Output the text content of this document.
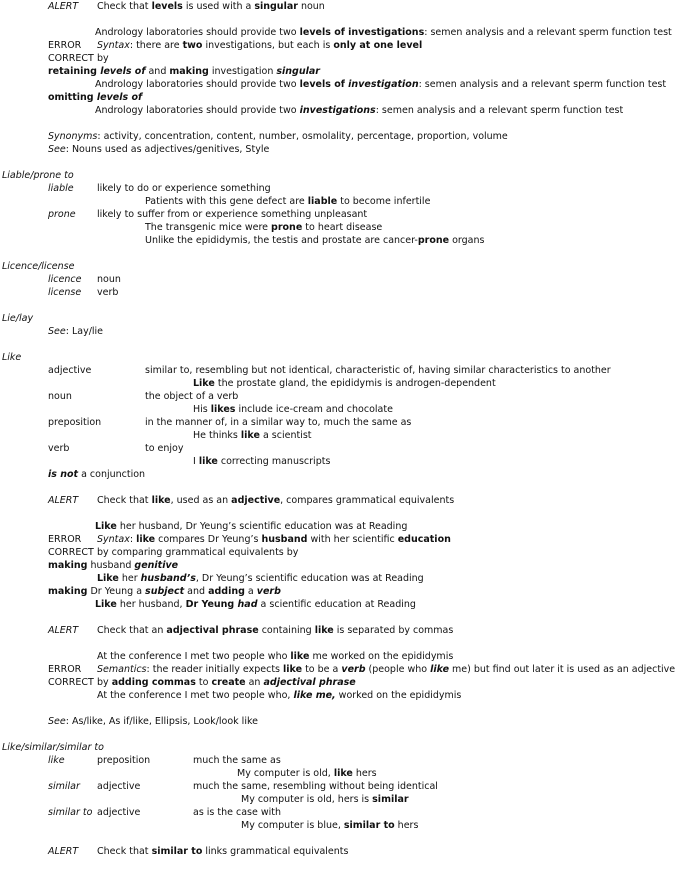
ALERT Check that levels is used with a singular noun
Andrology laboratories should provide two levels of investigations: semen analysis and a relevant sperm function test
ERROR Syntax: there are two investigations, but each is only at one level
CORRECT by
retaining levels of and making investigation singular
Andrology laboratories should provide two levels of investigation: semen analysis and a relevant sperm function test
omitting levels of
Andrology laboratories should provide two investigations: semen analysis and a relevant sperm function test
Synonyms: activity, concentration, content, number, osmolality, percentage, proportion, volume
See: Nouns used as adjectives/genitives, Style
Liable/prone to
liable likely to do or experience something
Patients with this gene defect are liable to become infertile
prone likely to suffer from or experience something unpleasant
The transgenic mice were prone to heart disease
Unlike the epididymis, the testis and prostate are cancer-prone organs
Licence/license
licence noun
license verb
Lie/lay
See: Lay/lie
Like
adjective	similar to, resembling but not identical, characteristic of, having similar characteristics to another
Like the prostate gland, the epididymis is androgen-dependent
noun	the object of a verb
His likes include ice-cream and chocolate
preposition	in the manner of, in a similar way to, much the same as
He thinks like a scientist
verb	to enjoy
I like correcting manuscripts
is not a conjunction
ALERT Check that like, used as an adjective, compares grammatical equivalents
Like her husband, Dr Yeung’s scientific education was at Reading
ERROR Syntax: like compares Dr Yeung’s husband with her scientific education
CORRECT by comparing grammatical equivalents by
making husband genitive
Like her husband’s, Dr Yeung’s scientific education was at Reading
making Dr Yeung a subject and adding a verb
Like her husband, Dr Yeung had a scientific education at Reading
ALERT Check that an adjectival phrase containing like is separated by commas
At the conference I met two people who like me worked on the epididymis
ERROR Semantics: the reader initially expects like to be a verb (people who like me) but find out later it is used as an adjective
CORRECT by adding commas to create an adjectival phrase
At the conference I met two people who, like me, worked on the epididymis
See: As/like, As if/like, Ellipsis, Look/look like
Like/similar/similar to
like	preposition	much the same as
My computer is old, like hers
similar adjective	much the same, resembling without being identical
My computer is old, hers is similar
similar to adjective	as is the case with
My computer is blue, similar to hers
ALERT Check that similar to links grammatical equivalents
